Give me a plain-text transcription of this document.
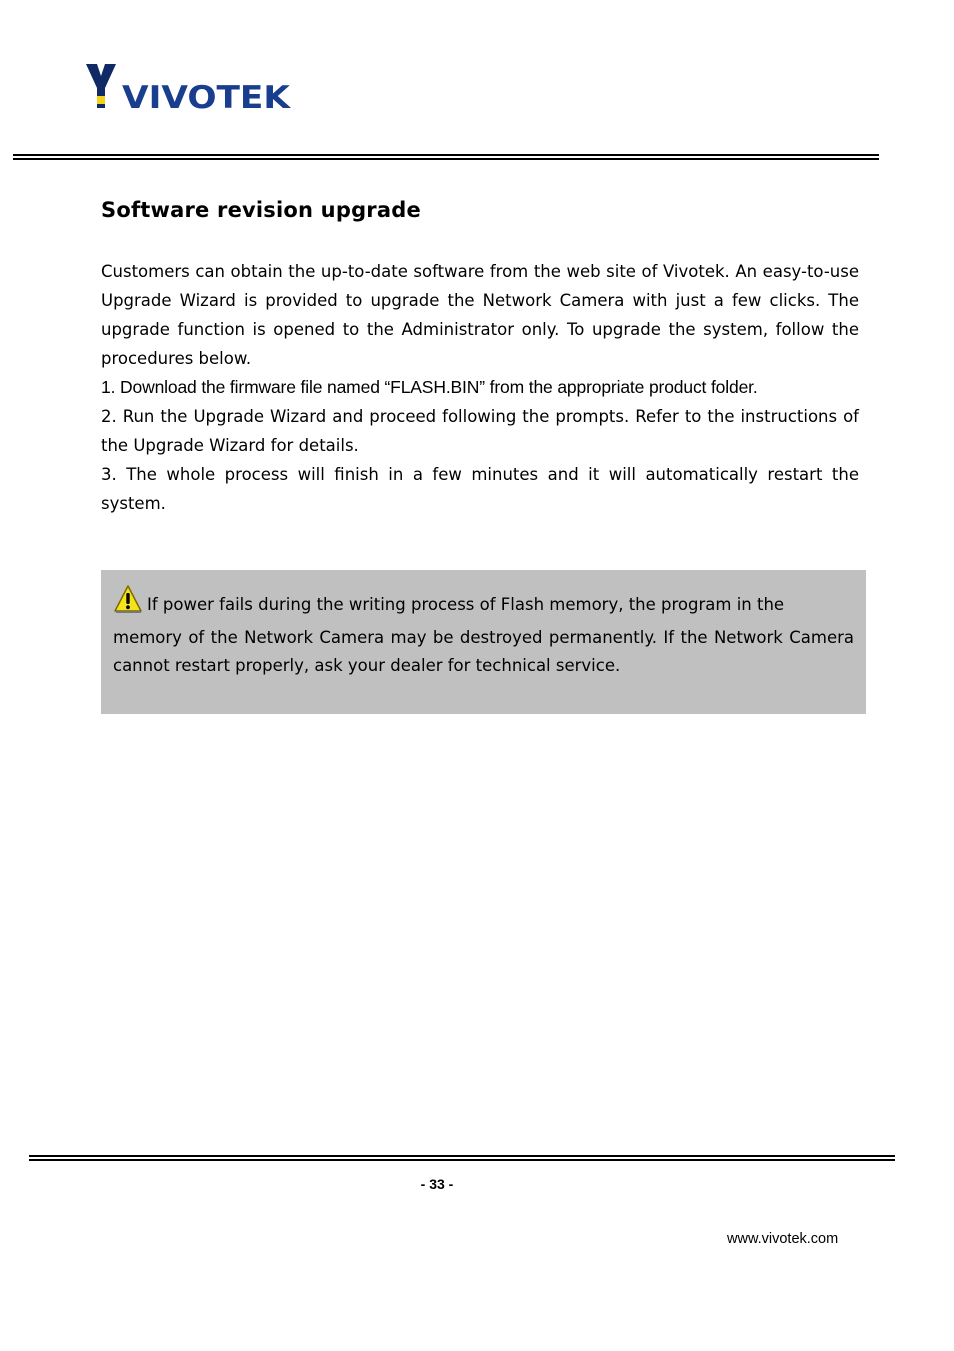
VIVOTEK
Software revision upgrade

Customers can obtain the up-to-date software from the web site of Vivotek. An easy-to-use Upgrade Wizard is provided to upgrade the Network Camera with just a few clicks. The upgrade function is opened to the Administrator only. To upgrade the system, follow the procedures below.

1. Download the firmware file named “FLASH.BIN” from the appropriate product folder.

2. Run the Upgrade Wizard and proceed following the prompts. Refer to the instructions of the Upgrade Wizard for details.

3. The whole process will finish in a few minutes and it will automatically restart the system.

If power fails during the writing process of Flash memory, the program in the
memory of the Network Camera may be destroyed permanently. If the Network Camera cannot restart properly, ask your dealer for technical service.

- 33 -
www.vivotek.com
